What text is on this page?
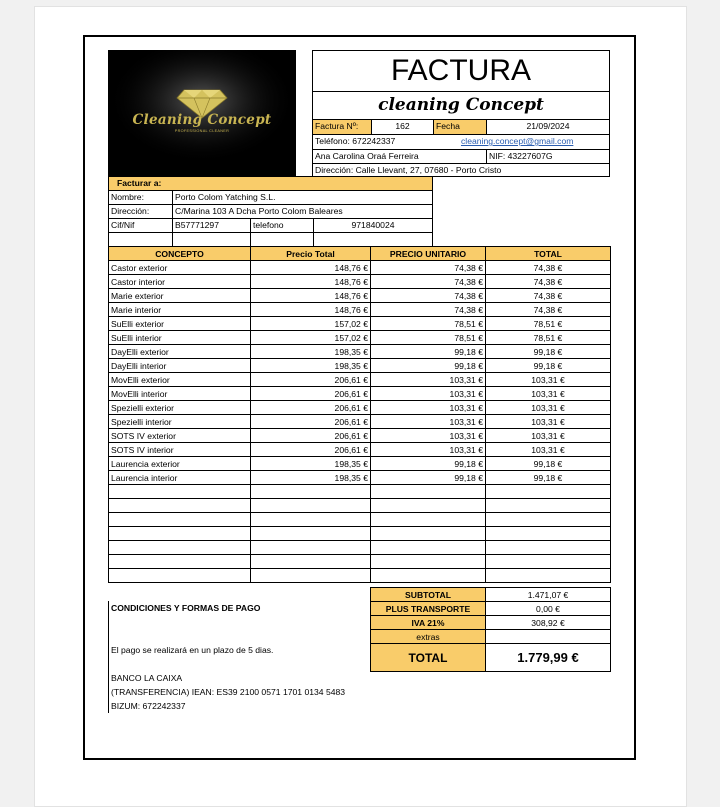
Cleaning Concept
PROFESSIONAL CLEANER
FACTURA
cleaning Concept
Factura Nº:	162	Fecha	21/09/2024
Teléfono: 672242337	cleaning.concept@gmail.com
Ana Carolina Oraá Ferreira	NIF: 43227607G
Dirección: Calle Llevant, 27, 07680 - Porto Cristo
Facturar a:
Nombre:	Porto Colom Yatching S.L.
Dirección:	C/Marina 103 A Dcha Porto Colom Baleares
Cif/Nif	B57771297	telefono	971840024
CONCEPTO	Precio Total	PRECIO UNITARIO	TOTAL
Castor exterior	148,76 €	74,38 €	74,38 €
Castor interior	148,76 €	74,38 €	74,38 €
Marie exterior	148,76 €	74,38 €	74,38 €
Marie interior	148,76 €	74,38 €	74,38 €
SuElli exterior	157,02 €	78,51 €	78,51 €
SuElli interior	157,02 €	78,51 €	78,51 €
DayElli exterior	198,35 €	99,18 €	99,18 €
DayElli interior	198,35 €	99,18 €	99,18 €
MovElli exterior	206,61 €	103,31 €	103,31 €
MovElli interior	206,61 €	103,31 €	103,31 €
Spezielli exterior	206,61 €	103,31 €	103,31 €
Spezielli interior	206,61 €	103,31 €	103,31 €
SOTS IV exterior	206,61 €	103,31 €	103,31 €
SOTS IV interior	206,61 €	103,31 €	103,31 €
Laurencia exterior	198,35 €	99,18 €	99,18 €
Laurencia interior	198,35 €	99,18 €	99,18 €

SUBTOTAL	1.471,07 €
PLUS TRANSPORTE	0,00 €
IVA 21%	308,92 €
extras	
TOTAL	1.779,99 €
CONDICIONES Y FORMAS DE PAGO
El pago se realizará en un plazo de 5 dias.
BANCO LA CAIXA
(TRANSFERENCIA) IEAN: ES39 2100 0571 1701 0134 5483
BIZUM: 672242337
